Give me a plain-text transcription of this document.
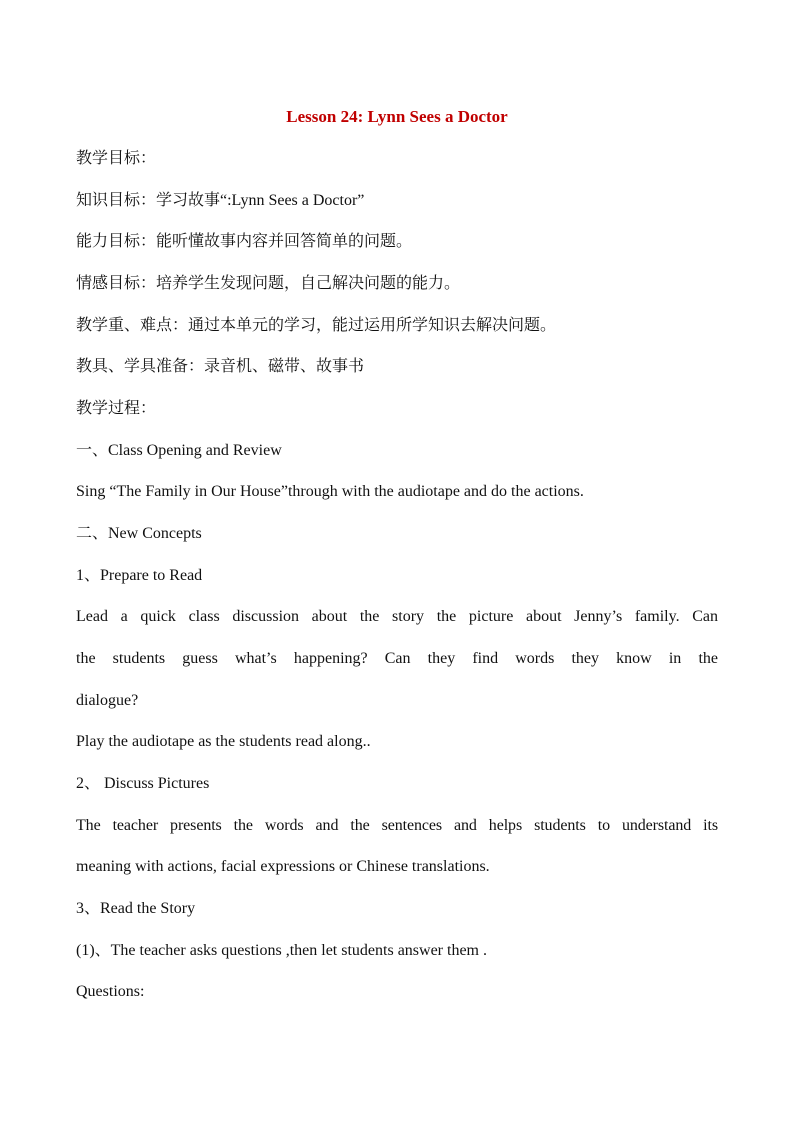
Lesson 24: Lynn Sees a Doctor
教学目标：
知识目标：学习故事“:Lynn Sees a Doctor”
能力目标：能听懂故事内容并回答简单的问题。
情感目标：培养学生发现问题，自己解决问题的能力。
教学重、难点：通过本单元的学习，能过运用所学知识去解决问题。
教具、学具准备：录音机、磁带、故事书
教学过程：
一、Class Opening and Review
Sing “The Family in Our House”through with the audiotape and do the actions.
二、New Concepts
1、Prepare to Read
Lead a quick class discussion about the story the picture about Jenny’s family. Can
the students guess what’s happening? Can they find words they know in the
dialogue?
Play the audiotape as the students read along..
2、 Discuss Pictures
The teacher presents the words and the sentences and helps students to understand its
meaning with actions, facial expressions or Chinese translations.
3、Read the Story
(1)、The teacher asks questions ,then let students answer them .
Questions:
